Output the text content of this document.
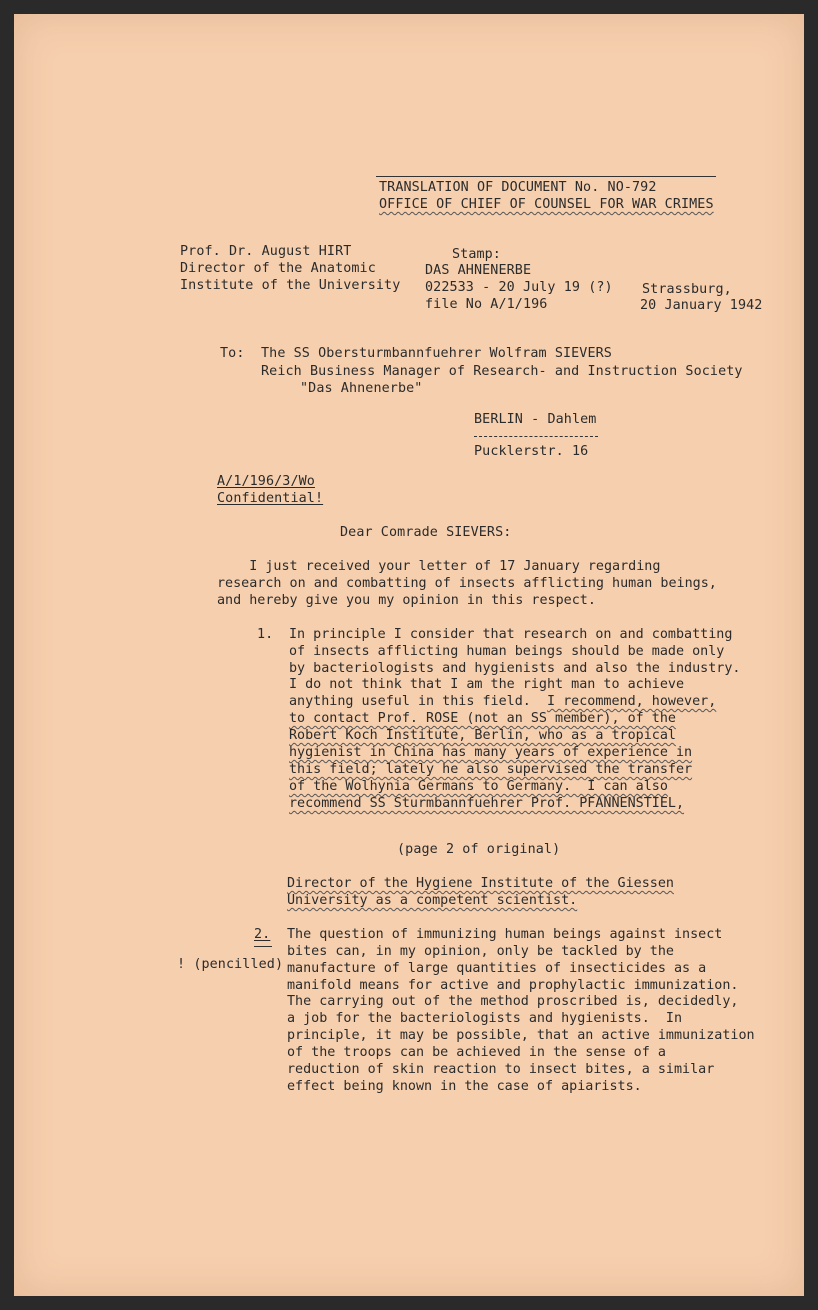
TRANSLATION OF DOCUMENT No. NO-792

OFFICE OF CHIEF OF COUNSEL FOR WAR CRIMES

Prof. Dr. August HIRT

Director of the Anatomic

Institute of the University

Stamp:

DAS AHNENERBE

022533 - 20 July 19 (?)

file No A/1/196

Strassburg,

20 January 1942

To: The SS Obersturmbannfuehrer Wolfram SIEVERS

Reich Business Manager of Research- and Instruction Society

"Das Ahnenerbe"

BERLIN - Dahlem

Pucklerstr. 16

A/1/196/3/Wo

Confidential!

Dear Comrade SIEVERS:

I just received your letter of 17 January regarding

research on and combatting of insects afflicting human beings,

and hereby give you my opinion in this respect.

1. In principle I consider that research on and combatting

of insects afflicting human beings should be made only

by bacteriologists and hygienists and also the industry.

I do not think that I am the right man to achieve

anything useful in this field.  I recommend, however,

to contact Prof. ROSE (not an SS member), of the

Robert Koch Institute, Berlin, who as a tropical

hygienist in China has many years of experience in

this field; lately he also supervised the transfer

of the Wolhynia Germans to Germany.  I can also

recommend SS Sturmbannfuehrer Prof. PFANNENSTIEL,

(page 2 of original)

Director of the Hygiene Institute of the Giessen

University as a competent scientist.

2.

! (pencilled)

The question of immunizing human beings against insect

bites can, in my opinion, only be tackled by the

manufacture of large quantities of insecticides as a

manifold means for active and prophylactic immunization.

The carrying out of the method proscribed is, decidedly,

a job for the bacteriologists and hygienists.  In

principle, it may be possible, that an active immunization

of the troops can be achieved in the sense of a

reduction of skin reaction to insect bites, a similar

effect being known in the case of apiarists.
